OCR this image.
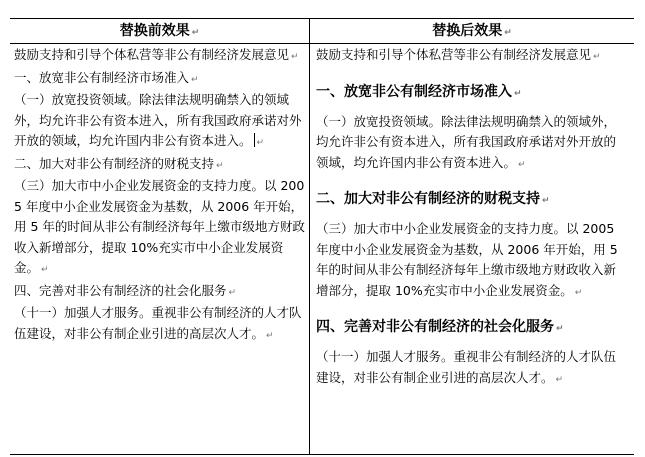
替换前效果 ↵	替换后效果 ↵

鼓励支持和引导个体私营等非公有制经济发展意见 ↵

一、放宽非公有制经济市场准入 ↵

（一）放宽投资领域。除法律法规明确禁入的领域外，均允许非公有资本进入，所有我国政府承诺对外开放的领域，均允许国内非公有资本进入。 ↵

二、加大对非公有制经济的财税支持 ↵

（三）加大市中小企业发展资金的支持力度。以 2005 年度中小企业发展资金为基数，从 2006 年开始，用 5 年的时间从非公有制经济每年上缴市级地方财政收入新增部分，提取 10%充实市中小企业发展资金。 ↵

四、完善对非公有制经济的社会化服务 ↵

（十一）加强人才服务。重视非公有制经济的人才队伍建设，对非公有制企业引进的高层次人才。 ↵

鼓励支持和引导个体私营等非公有制经济发展意见 ↵

一、放宽非公有制经济市场准入 ↵

（一）放宽投资领域。除法律法规明确禁入的领域外，均允许非公有资本进入，所有我国政府承诺对外开放的领域，均允许国内非公有资本进入。 ↵

二、加大对非公有制经济的财税支持 ↵

（三）加大市中小企业发展资金的支持力度。以 2005 年度中小企业发展资金为基数，从 2006 年开始，用 5 年的时间从非公有制经济每年上缴市级地方财政收入新增部分，提取 10%充实市中小企业发展资金。 ↵

四、完善对非公有制经济的社会化服务 ↵

（十一）加强人才服务。重视非公有制经济的人才队伍建设，对非公有制企业引进的高层次人才。 ↵
